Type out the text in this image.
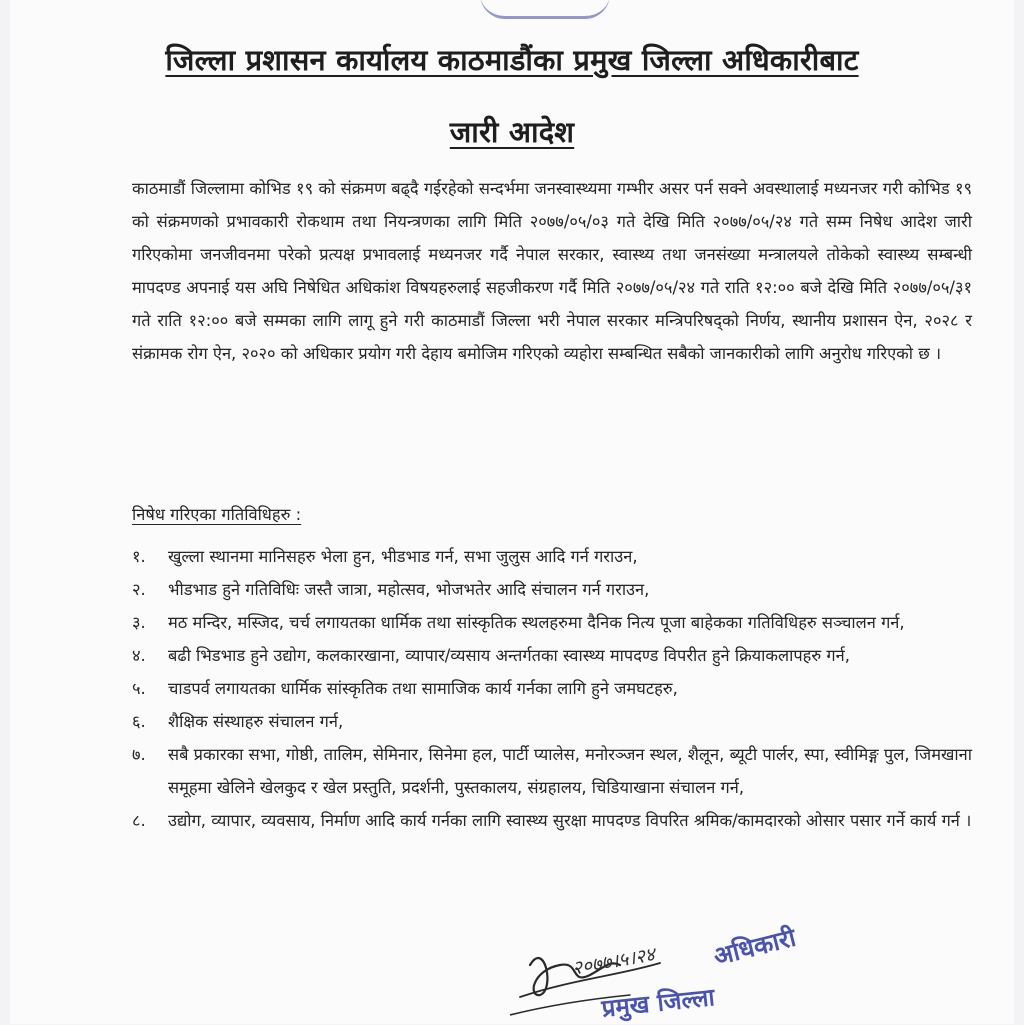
जिल्ला प्रशासन कार्यालय काठमाडौंका प्रमुख जिल्ला अधिकारीबाट
जारी आदेश
काठमाडौं जिल्लामा कोभिड १९ को संक्रमण बढ्दै गईरहेको सन्दर्भमा जनस्वास्थ्यमा गम्भीर असर पर्न सक्ने अवस्थालाई मध्यनजर गरी कोभिड १९ को संक्रमणको प्रभावकारी रोकथाम तथा नियन्त्रणका लागि मिति २०७७/०५/०३ गते देखि मिति २०७७/०५/२४ गते सम्म निषेध आदेश जारी गरिएकोमा जनजीवनमा परेको प्रत्यक्ष प्रभावलाई मध्यनजर गर्दै नेपाल सरकार, स्वास्थ्य तथा जनसंख्या मन्त्रालयले तोकेको स्वास्थ्य सम्बन्धी मापदण्ड अपनाई यस अघि निषेधित अधिकांश विषयहरुलाई सहजीकरण गर्दै मिति २०७७/०५/२४ गते राति १२:०० बजे देखि मिति २०७७/०५/३१ गते राति १२:०० बजे सम्मका लागि लागू हुने गरी काठमाडौं जिल्ला भरी नेपाल सरकार मन्त्रिपरिषद्को निर्णय, स्थानीय प्रशासन ऐन, २०२८ र संक्रामक रोग ऐन, २०२० को अधिकार प्रयोग गरी देहाय बमोजिम गरिएको व्यहोरा सम्बन्धित सबैको जानकारीको लागि अनुरोध गरिएको छ ।
निषेध गरिएका गतिविधिहरु :
१.	खुल्ला स्थानमा मानिसहरु भेला हुन, भीडभाड गर्न, सभा जुलुस आदि गर्न गराउन,
२.	भीडभाड हुने गतिविधिः जस्तै जात्रा, महोत्सव, भोजभतेर आदि संचालन गर्न गराउन,
३.	मठ मन्दिर, मस्जिद, चर्च लगायतका धार्मिक तथा सांस्कृतिक स्थलहरुमा दैनिक नित्य पूजा बाहेकका गतिविधिहरु सञ्चालन गर्न,
४.	बढी भिडभाड हुने उद्योग, कलकारखाना, व्यापार/व्यसाय अन्तर्गतका स्वास्थ्य मापदण्ड विपरीत हुने क्रियाकलापहरु गर्न,
५.	चाडपर्व लगायतका धार्मिक सांस्कृतिक तथा सामाजिक कार्य गर्नका लागि हुने जमघटहरु,
६.	शैक्षिक संस्थाहरु संचालन गर्न,
७.	सबै प्रकारका सभा, गोष्ठी, तालिम, सेमिनार, सिनेमा हल, पार्टी प्यालेस, मनोरञ्जन स्थल, शैलून, ब्यूटी पार्लर, स्पा, स्वीमिङ्ग पुल, जिमखाना समूहमा खेलिने खेलकुद र खेल प्रस्तुति, प्रदर्शनी, पुस्तकालय, संग्रहालय, चिडियाखाना संचालन गर्न,
८.	उद्योग, व्यापार, व्यवसाय, निर्माण आदि कार्य गर्नका लागि स्वास्थ्य सुरक्षा मापदण्ड विपरित श्रमिक/कामदारको ओसार पसार गर्ने कार्य गर्न ।
२०७७।५।२४ अधिकारी
प्रमुख जिल्ला
